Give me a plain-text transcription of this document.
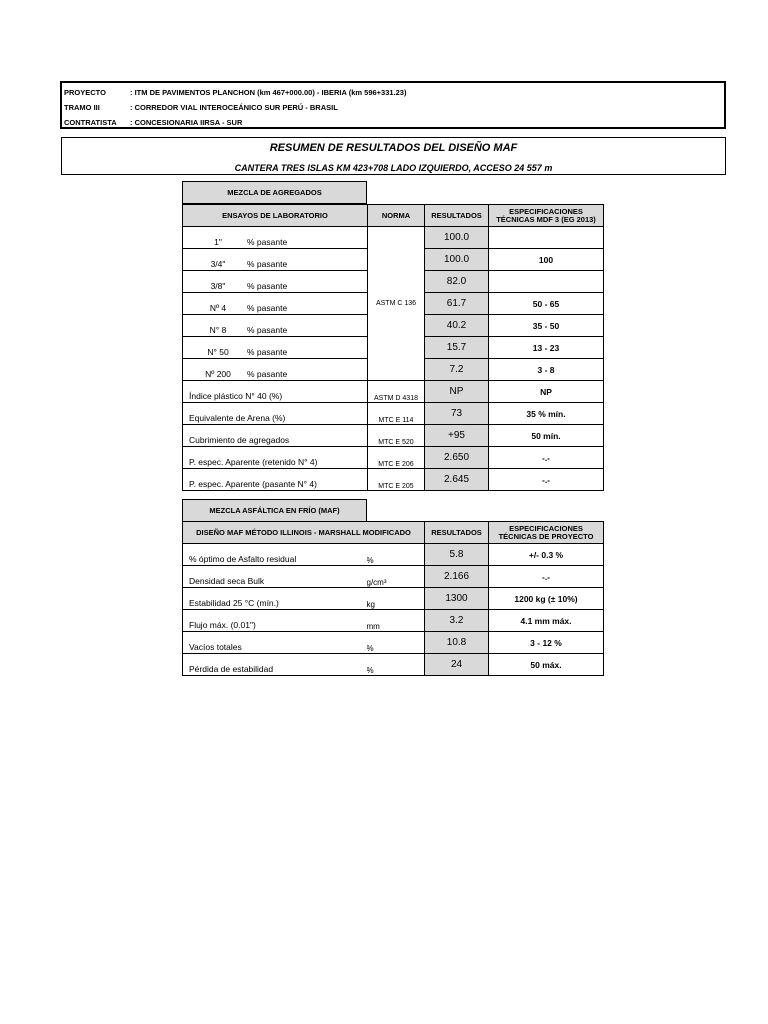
PROYECTO	: ITM DE PAVIMENTOS PLANCHON (km 467+000.00) - IBERIA (km 596+331.23)
TRAMO III	: CORREDOR VIAL INTEROCEÁNICO SUR PERÚ - BRASIL
CONTRATISTA : CONCESIONARIA IIRSA - SUR
RESUMEN DE RESULTADOS DEL DISEÑO MAF
CANTERA TRES ISLAS KM 423+708 LADO IZQUIERDO, ACCESO 24 557 m
MEZCLA DE AGREGADOS
ENSAYOS DE LABORATORIO	NORMA	RESULTADOS	ESPECIFICACIONES TÉCNICAS MDF 3 (EG 2013)
1" % pasante	ASTM C 136	100.0	
3/4" % pasante		100.0	100
3/8" % pasante		82.0	
Nº 4 % pasante		61.7	50 - 65
N° 8 % pasante		40.2	35 - 50
N° 50 % pasante		15.7	13 - 23
Nº 200 % pasante		7.2	3 - 8
Índice plástico N° 40 (%)	ASTM D 4318	NP	NP
Equivalente de Arena (%)	MTC E 114	73	35 % mín.
Cubrimiento de agregados	MTC E 520	+95	50 mín.
P. espec. Aparente (retenido N° 4)	MTC E 206	2.650	-.-
P. espec. Aparente (pasante N° 4)	MTC E 205	2.645	-.-
MEZCLA ASFÁLTICA EN FRÍO (MAF)
DISEÑO MAF MÉTODO ILLINOIS - MARSHALL MODIFICADO		RESULTADOS	ESPECIFICACIONES TÉCNICAS DE PROYECTO
% óptimo de Asfalto residual	%	5.8	+/- 0.3 %
Densidad seca Bulk	g/cm³	2.166	-.-
Estabilidad 25 °C (mín.)	kg	1300	1200 kg (± 10%)
Flujo máx. (0.01")	mm	3.2	4.1 mm máx.
Vacíos totales	%	10.8	3 - 12 %
Pérdida de estabilidad	%	24	50 máx.
